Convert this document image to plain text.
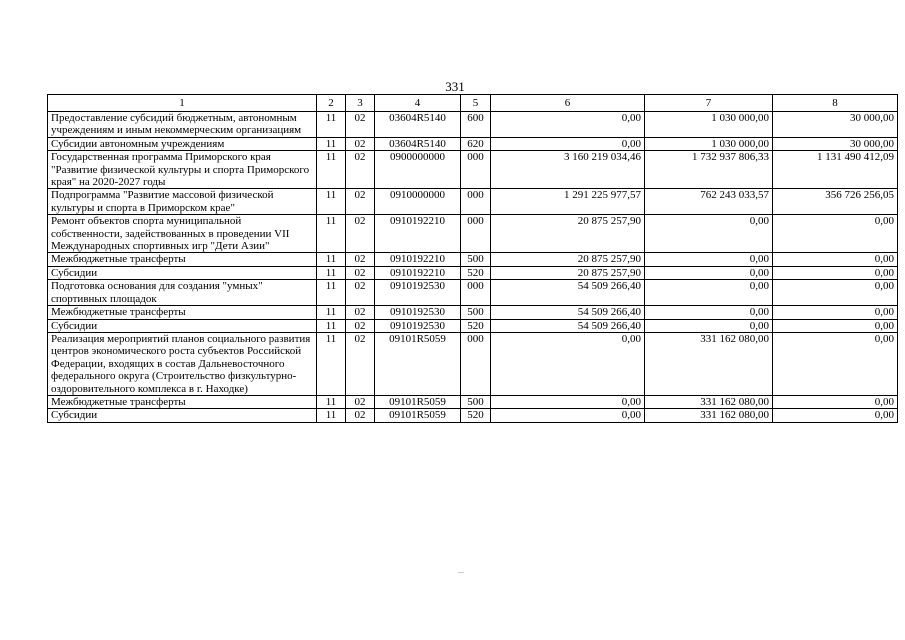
331
1	2	3	4	5	6	7	8
Предоставление субсидий бюджетным, автономным учреждениям и иным некоммерческим организациям	11	02	03604R5140	600	0,00	1 030 000,00	30 000,00
Субсидии автономным учреждениям	11	02	03604R5140	620	0,00	1 030 000,00	30 000,00
Государственная программа Приморского края "Развитие физической культуры и спорта Приморского края" на 2020-2027 годы	11	02	0900000000	000	3 160 219 034,46	1 732 937 806,33	1 131 490 412,09
Подпрограмма "Развитие массовой физической культуры и спорта в Приморском крае"	11	02	0910000000	000	1 291 225 977,57	762 243 033,57	356 726 256,05
Ремонт объектов спорта муниципальной собственности, задействованных в проведении VII Международных спортивных игр "Дети Азии"	11	02	0910192210	000	20 875 257,90	0,00	0,00
Межбюджетные трансферты	11	02	0910192210	500	20 875 257,90	0,00	0,00
Субсидии	11	02	0910192210	520	20 875 257,90	0,00	0,00
Подготовка основания для создания "умных" спортивных площадок	11	02	0910192530	000	54 509 266,40	0,00	0,00
Межбюджетные трансферты	11	02	0910192530	500	54 509 266,40	0,00	0,00
Субсидии	11	02	0910192530	520	54 509 266,40	0,00	0,00
Реализация мероприятий планов социального развития центров экономического роста субъектов Российской Федерации, входящих в состав Дальневосточного федерального округа (Строительство физкультурно-оздоровительного комплекса в г. Находке)	11	02	09101R5059	000	0,00	331 162 080,00	0,00
Межбюджетные трансферты	11	02	09101R5059	500	0,00	331 162 080,00	0,00
Субсидии	11	02	09101R5059	520	0,00	331 162 080,00	0,00
